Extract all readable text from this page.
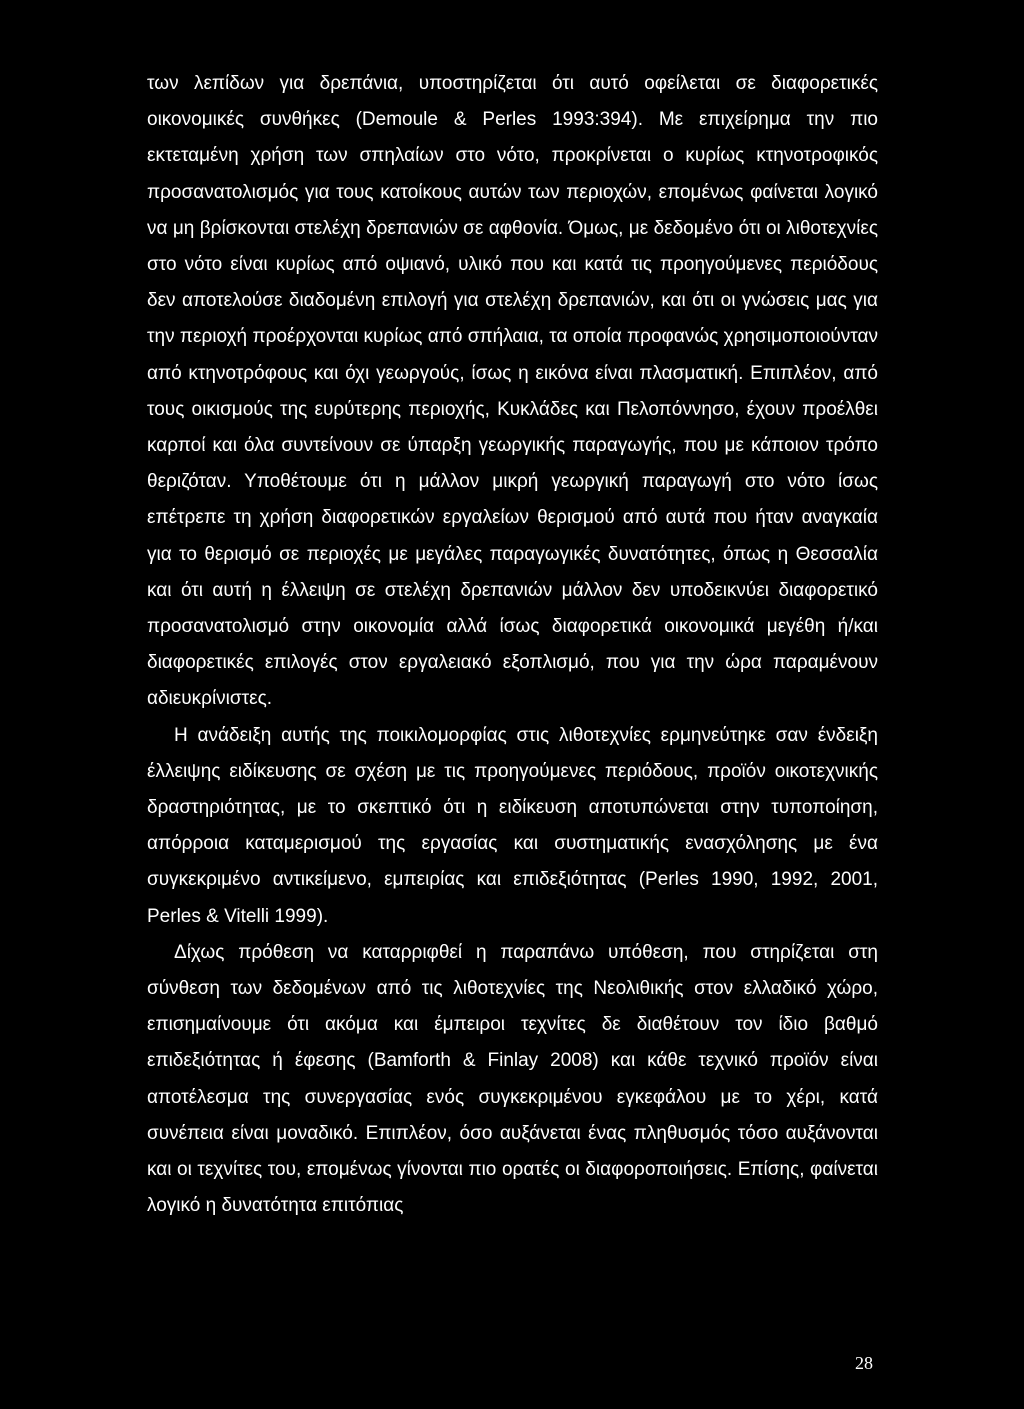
των λεπίδων για δρεπάνια, υποστηρίζεται ότι αυτό οφείλεται σε διαφορετικές οικονομικές συνθήκες (Demoule & Perles 1993:394). Με επιχείρημα την πιο εκτεταμένη χρήση των σπηλαίων στο νότο, προκρίνεται ο κυρίως κτηνοτροφικός προσανατολισμός για τους κατοίκους αυτών των περιοχών, επομένως φαίνεται λογικό να μη βρίσκονται στελέχη δρεπανιών σε αφθονία. Όμως, με δεδομένο ότι οι λιθοτεχνίες στο νότο είναι κυρίως από οψιανό, υλικό που και κατά τις προηγούμενες περιόδους δεν αποτελούσε διαδομένη επιλογή για στελέχη δρεπανιών, και ότι οι γνώσεις μας για την περιοχή προέρχονται κυρίως από σπήλαια, τα οποία προφανώς χρησιμοποιούνταν από κτηνοτρόφους και όχι γεωργούς, ίσως η εικόνα είναι πλασματική. Επιπλέον, από τους οικισμούς της ευρύτερης περιοχής, Κυκλάδες και Πελοπόννησο, έχουν προέλθει καρποί και όλα συντείνουν σε ύπαρξη γεωργικής παραγωγής, που με κάποιον τρόπο θεριζόταν. Υποθέτουμε ότι η μάλλον μικρή γεωργική παραγωγή στο νότο ίσως επέτρεπε τη χρήση διαφορετικών εργαλείων θερισμού από αυτά που ήταν αναγκαία για το θερισμό σε περιοχές με μεγάλες παραγωγικές δυνατότητες, όπως η Θεσσαλία και ότι αυτή η έλλειψη σε στελέχη δρεπανιών μάλλον δεν υποδεικνύει διαφορετικό προσανατολισμό στην οικονομία αλλά ίσως διαφορετικά οικονομικά μεγέθη ή/και διαφορετικές επιλογές στον εργαλειακό εξοπλισμό, που για την ώρα παραμένουν αδιευκρίνιστες.

Η ανάδειξη αυτής της ποικιλομορφίας στις λιθοτεχνίες ερμηνεύτηκε σαν ένδειξη έλλειψης ειδίκευσης σε σχέση με τις προηγούμενες περιόδους, προϊόν οικοτεχνικής δραστηριότητας, με το σκεπτικό ότι η ειδίκευση αποτυπώνεται στην τυποποίηση, απόρροια καταμερισμού της εργασίας και συστηματικής ενασχόλησης με ένα συγκεκριμένο αντικείμενο, εμπειρίας και επιδεξιότητας (Perles 1990, 1992, 2001, Perles & Vitelli 1999).

Δίχως πρόθεση να καταρριφθεί η παραπάνω υπόθεση, που στηρίζεται στη σύνθεση των δεδομένων από τις λιθοτεχνίες της Νεολιθικής στον ελλαδικό χώρο, επισημαίνουμε ότι ακόμα και έμπειροι τεχνίτες δε διαθέτουν τον ίδιο βαθμό επιδεξιότητας ή έφεσης (Bamforth & Finlay 2008) και κάθε τεχνικό προϊόν είναι αποτέλεσμα της συνεργασίας ενός συγκεκριμένου εγκεφάλου με το χέρι, κατά συνέπεια είναι μοναδικό. Επιπλέον, όσο αυξάνεται ένας πληθυσμός τόσο αυξάνονται και οι τεχνίτες του, επομένως γίνονται πιο ορατές οι διαφοροποιήσεις. Επίσης, φαίνεται λογικό η δυνατότητα επιτόπιας

28
